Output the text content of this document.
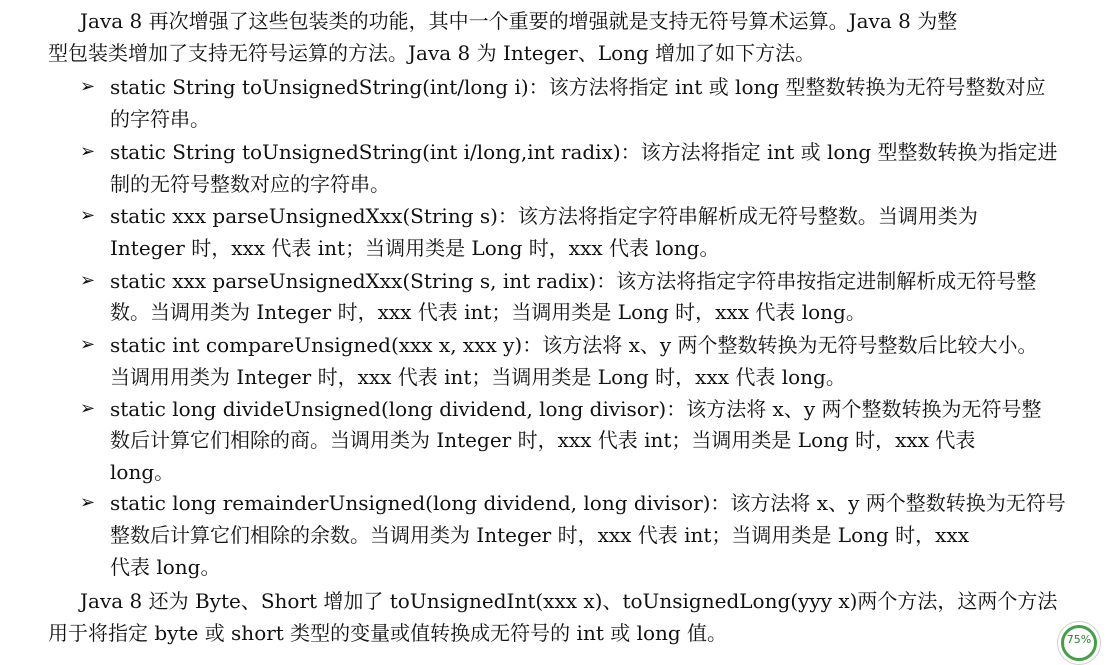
Java 8 再次增强了这些包装类的功能，其中一个重要的增强就是支持无符号算术运算。Java 8 为整
型包装类增加了支持无符号运算的方法。Java 8 为 Integer、Long 增加了如下方法。
➢ static String toUnsignedString(int/long i)：该方法将指定 int 或 long 型整数转换为无符号整数对应
的字符串。
➢ static String toUnsignedString(int i/long,int radix)：该方法将指定 int 或 long 型整数转换为指定进
制的无符号整数对应的字符串。
➢ static xxx parseUnsignedXxx(String s)：该方法将指定字符串解析成无符号整数。当调用类为
Integer 时，xxx 代表 int；当调用类是 Long 时，xxx 代表 long。
➢ static xxx parseUnsignedXxx(String s, int radix)：该方法将指定字符串按指定进制解析成无符号整
数。当调用类为 Integer 时，xxx 代表 int；当调用类是 Long 时，xxx 代表 long。
➢ static int compareUnsigned(xxx x, xxx y)：该方法将 x、y 两个整数转换为无符号整数后比较大小。
当调用用类为 Integer 时，xxx 代表 int；当调用类是 Long 时，xxx 代表 long。
➢ static long divideUnsigned(long dividend, long divisor)：该方法将 x、y 两个整数转换为无符号整
数后计算它们相除的商。当调用类为 Integer 时，xxx 代表 int；当调用类是 Long 时，xxx 代表
long。
➢ static long remainderUnsigned(long dividend, long divisor)：该方法将 x、y 两个整数转换为无符号
整数后计算它们相除的余数。当调用类为 Integer 时，xxx 代表 int；当调用类是 Long 时，xxx
代表 long。
Java 8 还为 Byte、Short 增加了 toUnsignedInt(xxx x)、toUnsignedLong(yyy x)两个方法，这两个方法
用于将指定 byte 或 short 类型的变量或值转换成无符号的 int 或 long 值。	75%
